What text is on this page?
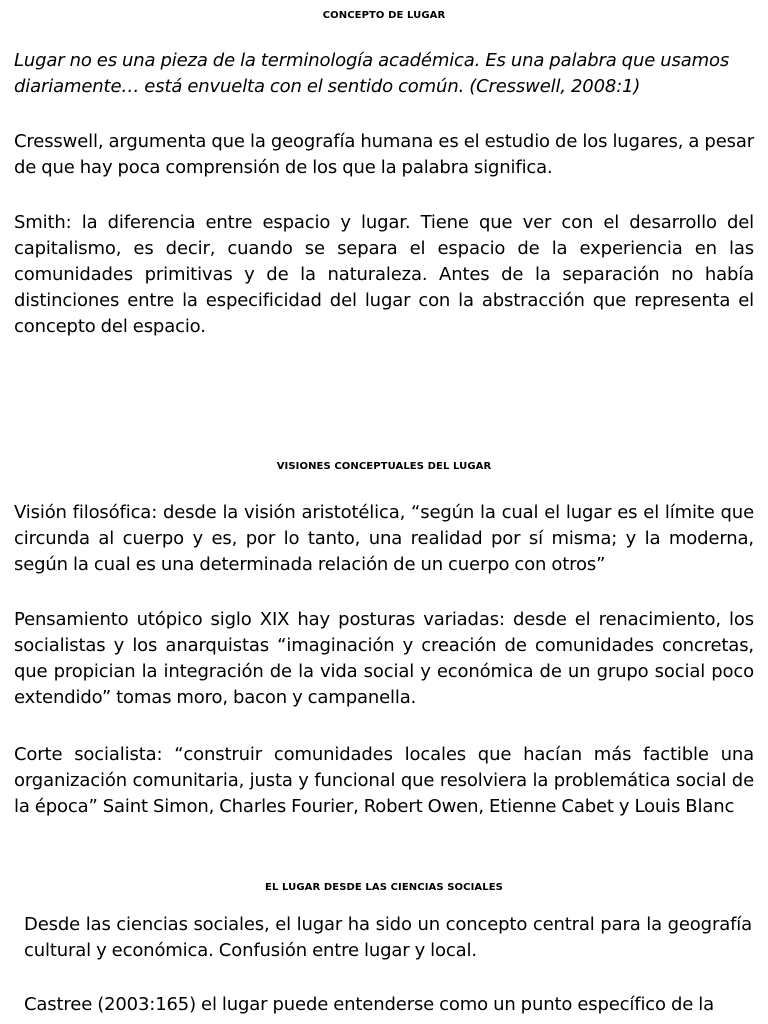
CONCEPTO DE LUGAR
Lugar no es una pieza de la terminología académica. Es una palabra que usamos diariamente… está envuelta con el sentido común. (Cresswell, 2008:1)
Cresswell, argumenta que la geografía humana es el estudio de los lugares, a pesar de que hay poca comprensión de los que la palabra significa.
Smith: la diferencia entre espacio y lugar. Tiene que ver con el desarrollo del capitalismo, es decir, cuando se separa el espacio de la experiencia en las comunidades primitivas y de la naturaleza. Antes de la separación no había distinciones entre la especificidad del lugar con la abstracción que representa el concepto del espacio.
VISIONES CONCEPTUALES DEL LUGAR
Visión filosófica: desde la visión aristotélica, “según la cual el lugar es el límite que circunda al cuerpo y es, por lo tanto, una realidad por sí misma; y la moderna, según la cual es una determinada relación de un cuerpo con otros”
Pensamiento utópico siglo XIX hay posturas variadas: desde el renacimiento, los socialistas y los anarquistas “imaginación y creación de comunidades concretas, que propician la integración de la vida social y económica de un grupo social poco extendido” tomas moro, bacon y campanella.
Corte socialista: “construir comunidades locales que hacían más factible una organización comunitaria, justa y funcional que resolviera la problemática social de la época” Saint Simon, Charles Fourier, Robert Owen, Etienne Cabet y Louis Blanc
EL LUGAR DESDE LAS CIENCIAS SOCIALES
Desde las ciencias sociales, el lugar ha sido un concepto central para la geografía cultural y económica. Confusión entre lugar y local.
Castree (2003:165) el lugar puede entenderse como un punto específico de la
